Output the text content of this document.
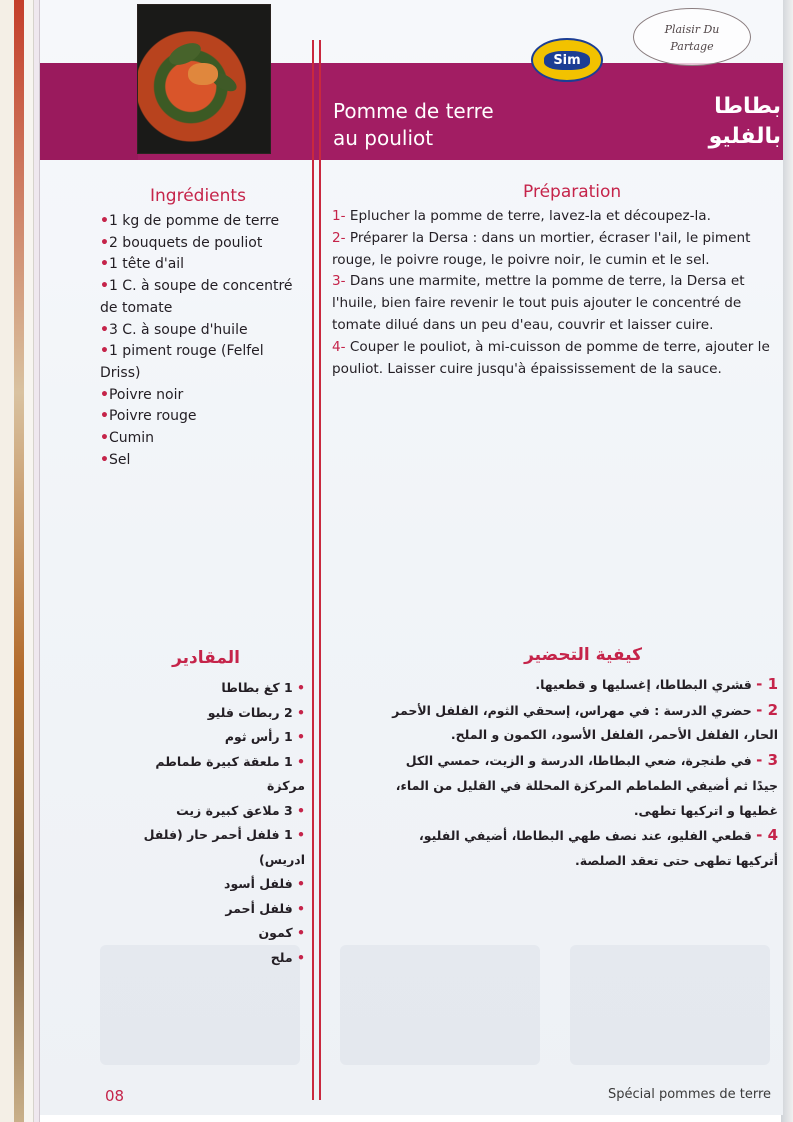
Sim
Plaisir Du
Partage
Pomme de terre
au pouliot
بطاطا
بالفليو
Ingrédients
• 1 kg de pomme de terre
• 2 bouquets de pouliot
• 1 tête d'ail
• 1 C. à soupe de concentré de tomate
• 3 C. à soupe d'huile
• 1 piment rouge (Felfel Driss)
• Poivre noir
• Poivre rouge
• Cumin
• Sel
Préparation

1- Eplucher la pomme de terre, lavez-la et découpez-la.

2- Préparer la Dersa : dans un mortier, écraser l'ail, le piment rouge, le poivre rouge, le poivre noir, le cumin et le sel.

3- Dans une marmite, mettre la pomme de terre, la Dersa et l'huile, bien faire revenir le tout puis ajouter le concentré de tomate dilué dans un peu d'eau, couvrir et laisser cuire.

4- Couper le pouliot, à mi-cuisson de pomme de terre, ajouter le pouliot. Laisser cuire jusqu'à épaississement de la sauce.

المقادير
• 1 كغ بطاطا
• 2 ربطات فليو
• 1 رأس ثوم
• 1 ملعقة كبيرة طماطم مركزة
• 3 ملاعق كبيرة زيت
• 1 فلفل أحمر حار (فلفل ادريس)
• فلفل أسود
• فلفل أحمر
• كمون
• ملح
كيفية التحضير

1 - قشري البطاطا، إغسليها و قطعيها.

2 - حضري الدرسة : في مهراس، إسحقي الثوم، الفلفل الأحمر الحار، الفلفل الأحمر، الفلفل الأسود، الكمون و الملح.

3 - في طنجرة، ضعي البطاطا، الدرسة و الزيت، حمسي الكل جيدًا ثم أضيفي الطماطم المركزة المحللة في القليل من الماء، غطيها و اتركيها تطهى.

4 - قطعي الفليو، عند نصف طهي البطاطا، أضيفي الفليو، أتركيها تطهى حتى تعقد الصلصة.

08	Spécial pommes de terre
